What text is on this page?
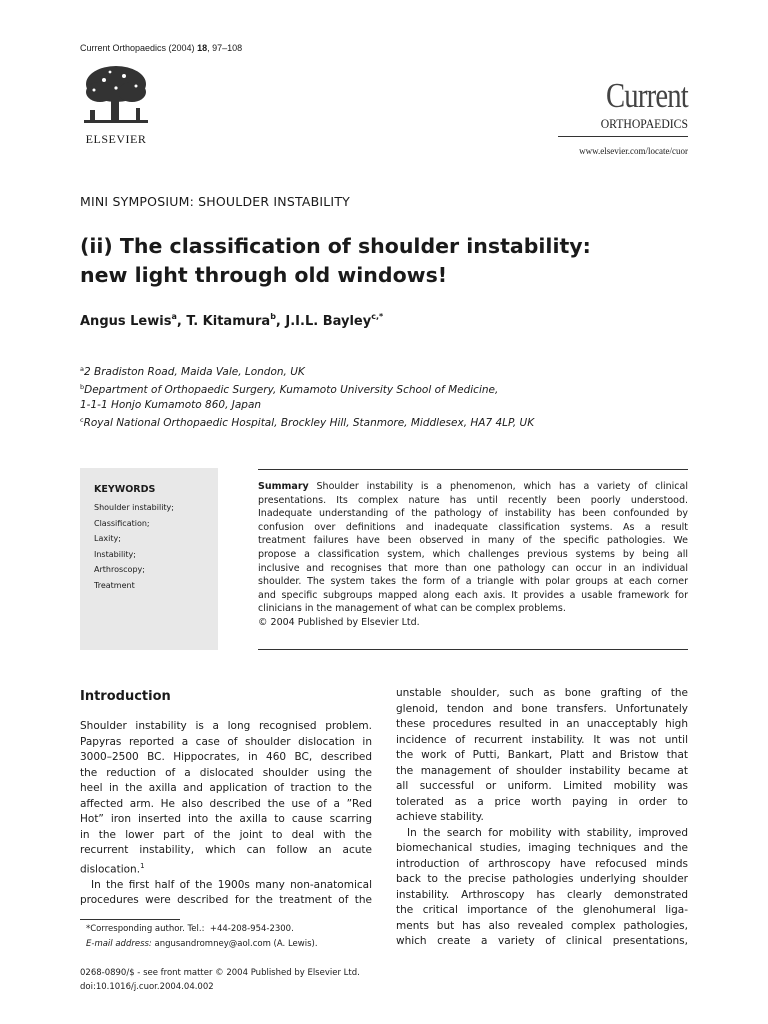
Current Orthopaedics (2004) 18, 97–108
ELSEVIER
Current
ORTHOPAEDICS
www.elsevier.com/locate/cuor
MINI SYMPOSIUM: SHOULDER INSTABILITY
(ii) The classification of shoulder instability:
new light through old windows!
Angus Lewis$^a$, T. Kitamura$^b$, J.I.L. Bayley$^{c,*}$
$^a$2 Bradiston Road, Maida Vale, London, UK
$^b$Department of Orthopaedic Surgery, Kumamoto University School of Medicine,
1-1-1 Honjo Kumamoto 860, Japan
$^c$Royal National Orthopaedic Hospital, Brockley Hill, Stanmore, Middlesex, HA7 4LP, UK
KEYWORDS
Shoulder instability;
Classification;
Laxity;
Instability;
Arthroscopy;
Treatment
Summary Shoulder instability is a phenomenon, which has a variety of clinical
presentations. Its complex nature has until recently been poorly understood.
Inadequate understanding of the pathology of instability has been confounded by
confusion over definitions and inadequate classification systems. As a result
treatment failures have been observed in many of the specific pathologies. We
propose a classification system, which challenges previous systems by being all
inclusive and recognises that more than one pathology can occur in an individual
shoulder. The system takes the form of a triangle with polar groups at each corner
and specific subgroups mapped along each axis. It provides a usable framework for
clinicians in the management of what can be complex problems.
© 2004 Published by Elsevier Ltd.
Introduction
Shoulder instability is a long recognised problem.
Papyras reported a case of shoulder dislocation in
3000–2500 BC. Hippocrates, in 460 BC, described
the reduction of a dislocated shoulder using the
heel in the axilla and application of traction to the
affected arm. He also described the use of a ”Red
Hot” iron inserted into the axilla to cause scarring
in the lower part of the joint to deal with the
recurrent instability, which can follow an acute
dislocation.$^1$
In the first half of the 1900s many non-anatomical
procedures were described for the treatment of the
unstable shoulder, such as bone grafting of the
glenoid, tendon and bone transfers. Unfortunately
these procedures resulted in an unacceptably high
incidence of recurrent instability. It was not until
the work of Putti, Bankart, Platt and Bristow that
the management of shoulder instability became at
all successful or uniform. Limited mobility was
tolerated as a price worth paying in order to
achieve stability.
In the search for mobility with stability, improved
biomechanical studies, imaging techniques and the
introduction of arthroscopy have refocused minds
back to the precise pathologies underlying shoulder
instability. Arthroscopy has clearly demonstrated
the critical importance of the glenohumeral liga-
ments but has also revealed complex pathologies,
which create a variety of clinical presentations,
*Corresponding author. Tel.:  +44-208-954-2300.
E-mail address: angusandromney@aol.com (A. Lewis).
0268-0890/$ - see front matter © 2004 Published by Elsevier Ltd.
doi:10.1016/j.cuor.2004.04.002
